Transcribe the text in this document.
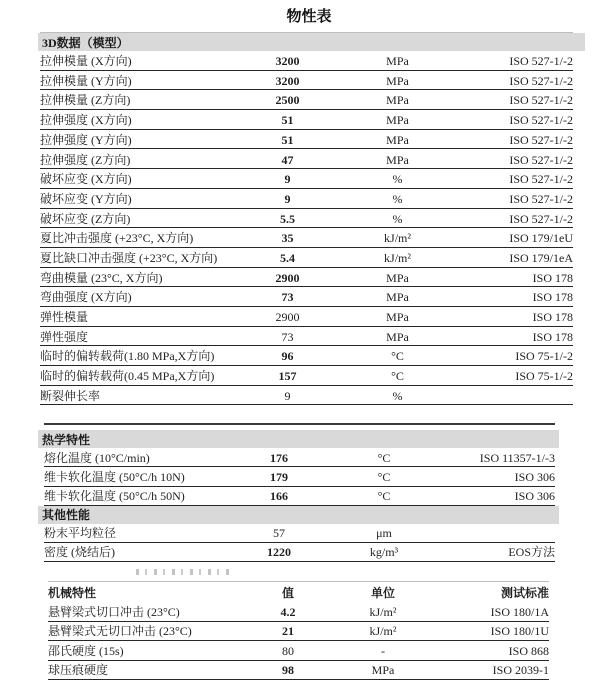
物性表
3D数据（模型）
拉伸模量 (X方向)	3200	MPa	ISO 527-1/-2
拉伸模量 (Y方向)	3200	MPa	ISO 527-1/-2
拉伸模量 (Z方向)	2500	MPa	ISO 527-1/-2
拉伸强度 (X方向)	51	MPa	ISO 527-1/-2
拉伸强度 (Y方向)	51	MPa	ISO 527-1/-2
拉伸强度 (Z方向)	47	MPa	ISO 527-1/-2
破坏应变 (X方向)	9	%	ISO 527-1/-2
破坏应变 (Y方向)	9	%	ISO 527-1/-2
破坏应变 (Z方向)	5.5	%	ISO 527-1/-2
夏比冲击强度 (+23°C, X方向)	35	kJ/m²	ISO 179/1eU
夏比缺口冲击强度 (+23°C, X方向)	5.4	kJ/m²	ISO 179/1eA
弯曲模量 (23°C, X方向)	2900	MPa	ISO 178
弯曲强度 (X方向)	73	MPa	ISO 178
弹性模量	2900	MPa	ISO 178
弹性强度	73	MPa	ISO 178
临时的偏转载荷(1.80 MPa,X方向)	96	°C	ISO 75-1/-2
临时的偏转载荷(0.45 MPa,X方向)	157	°C	ISO 75-1/-2
断裂伸长率	9	%
热学特性
熔化温度 (10°C/min)	176	°C	ISO 11357-1/-3
维卡软化温度 (50°C/h 10N)	179	°C	ISO 306
维卡软化温度 (50°C/h 50N)	166	°C	ISO 306
其他性能
粉末平均粒径	57	μm
密度 (烧结后)	1220	kg/m³	EOS方法
机械特性	值	单位	测试标准
悬臂梁式切口冲击 (23°C)	4.2	kJ/m²	ISO 180/1A
悬臂梁式无切口冲击 (23°C)	21	kJ/m²	ISO 180/1U
邵氏硬度 (15s)	80	-	ISO 868
球压痕硬度	98	MPa	ISO 2039-1
